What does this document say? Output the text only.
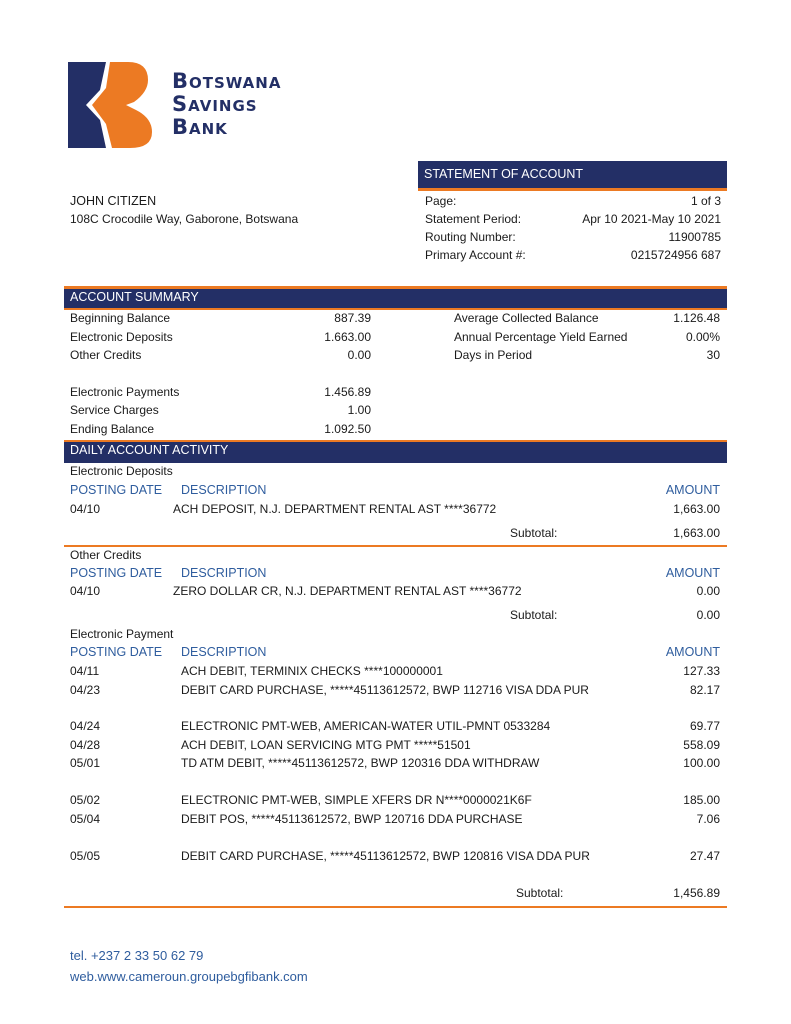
Botswana
Savings
Bank
STATEMENT OF ACCOUNT
JOHN CITIZEN
108C Crocodile Way, Gaborone, Botswana
Page:	1 of 3
Statement Period:	Apr 10 2021-May 10 2021
Routing Number:	11900785
Primary Account #:	0215724956 687
ACCOUNT SUMMARY
Beginning Balance	887.39
Electronic Deposits	1.663.00
Other Credits	0.00
Electronic Payments	1.456.89
Service Charges	1.00
Ending Balance	1.092.50
Average Collected Balance	1.126.48
Annual Percentage Yield Earned	0.00%
Days in Period	30
DAILY ACCOUNT ACTIVITY
Electronic Deposits
POSTING DATE DESCRIPTION	AMOUNT
04/10	ACH DEPOSIT, N.J. DEPARTMENT RENTAL AST ****36772	1,663.00
Subtotal:	1,663.00
Other Credits
POSTING DATE DESCRIPTION	AMOUNT
04/10	ZERO DOLLAR CR, N.J. DEPARTMENT RENTAL AST ****36772	0.00
Subtotal:	0.00
Electronic Payment
POSTING DATE DESCRIPTION	AMOUNT
04/11	ACH DEBIT, TERMINIX CHECKS ****100000001	127.33
04/23	DEBIT CARD PURCHASE, *****45113612572, BWP 112716 VISA DDA PUR	82.17
04/24	ELECTRONIC PMT-WEB, AMERICAN-WATER UTIL-PMNT 0533284	69.77
04/28	ACH DEBIT, LOAN SERVICING MTG PMT *****51501	558.09
05/01	TD ATM DEBIT, *****45113612572, BWP 120316 DDA WITHDRAW	100.00
05/02	ELECTRONIC PMT-WEB, SIMPLE XFERS DR N****0000021K6F	185.00
05/04	DEBIT POS, *****45113612572, BWP 120716 DDA PURCHASE	7.06
05/05	DEBIT CARD PURCHASE, *****45113612572, BWP 120816 VISA DDA PUR	27.47
Subtotal:	1,456.89
tel. +237 2 33 50 62 79
web.www.cameroun.groupebgfibank.com
